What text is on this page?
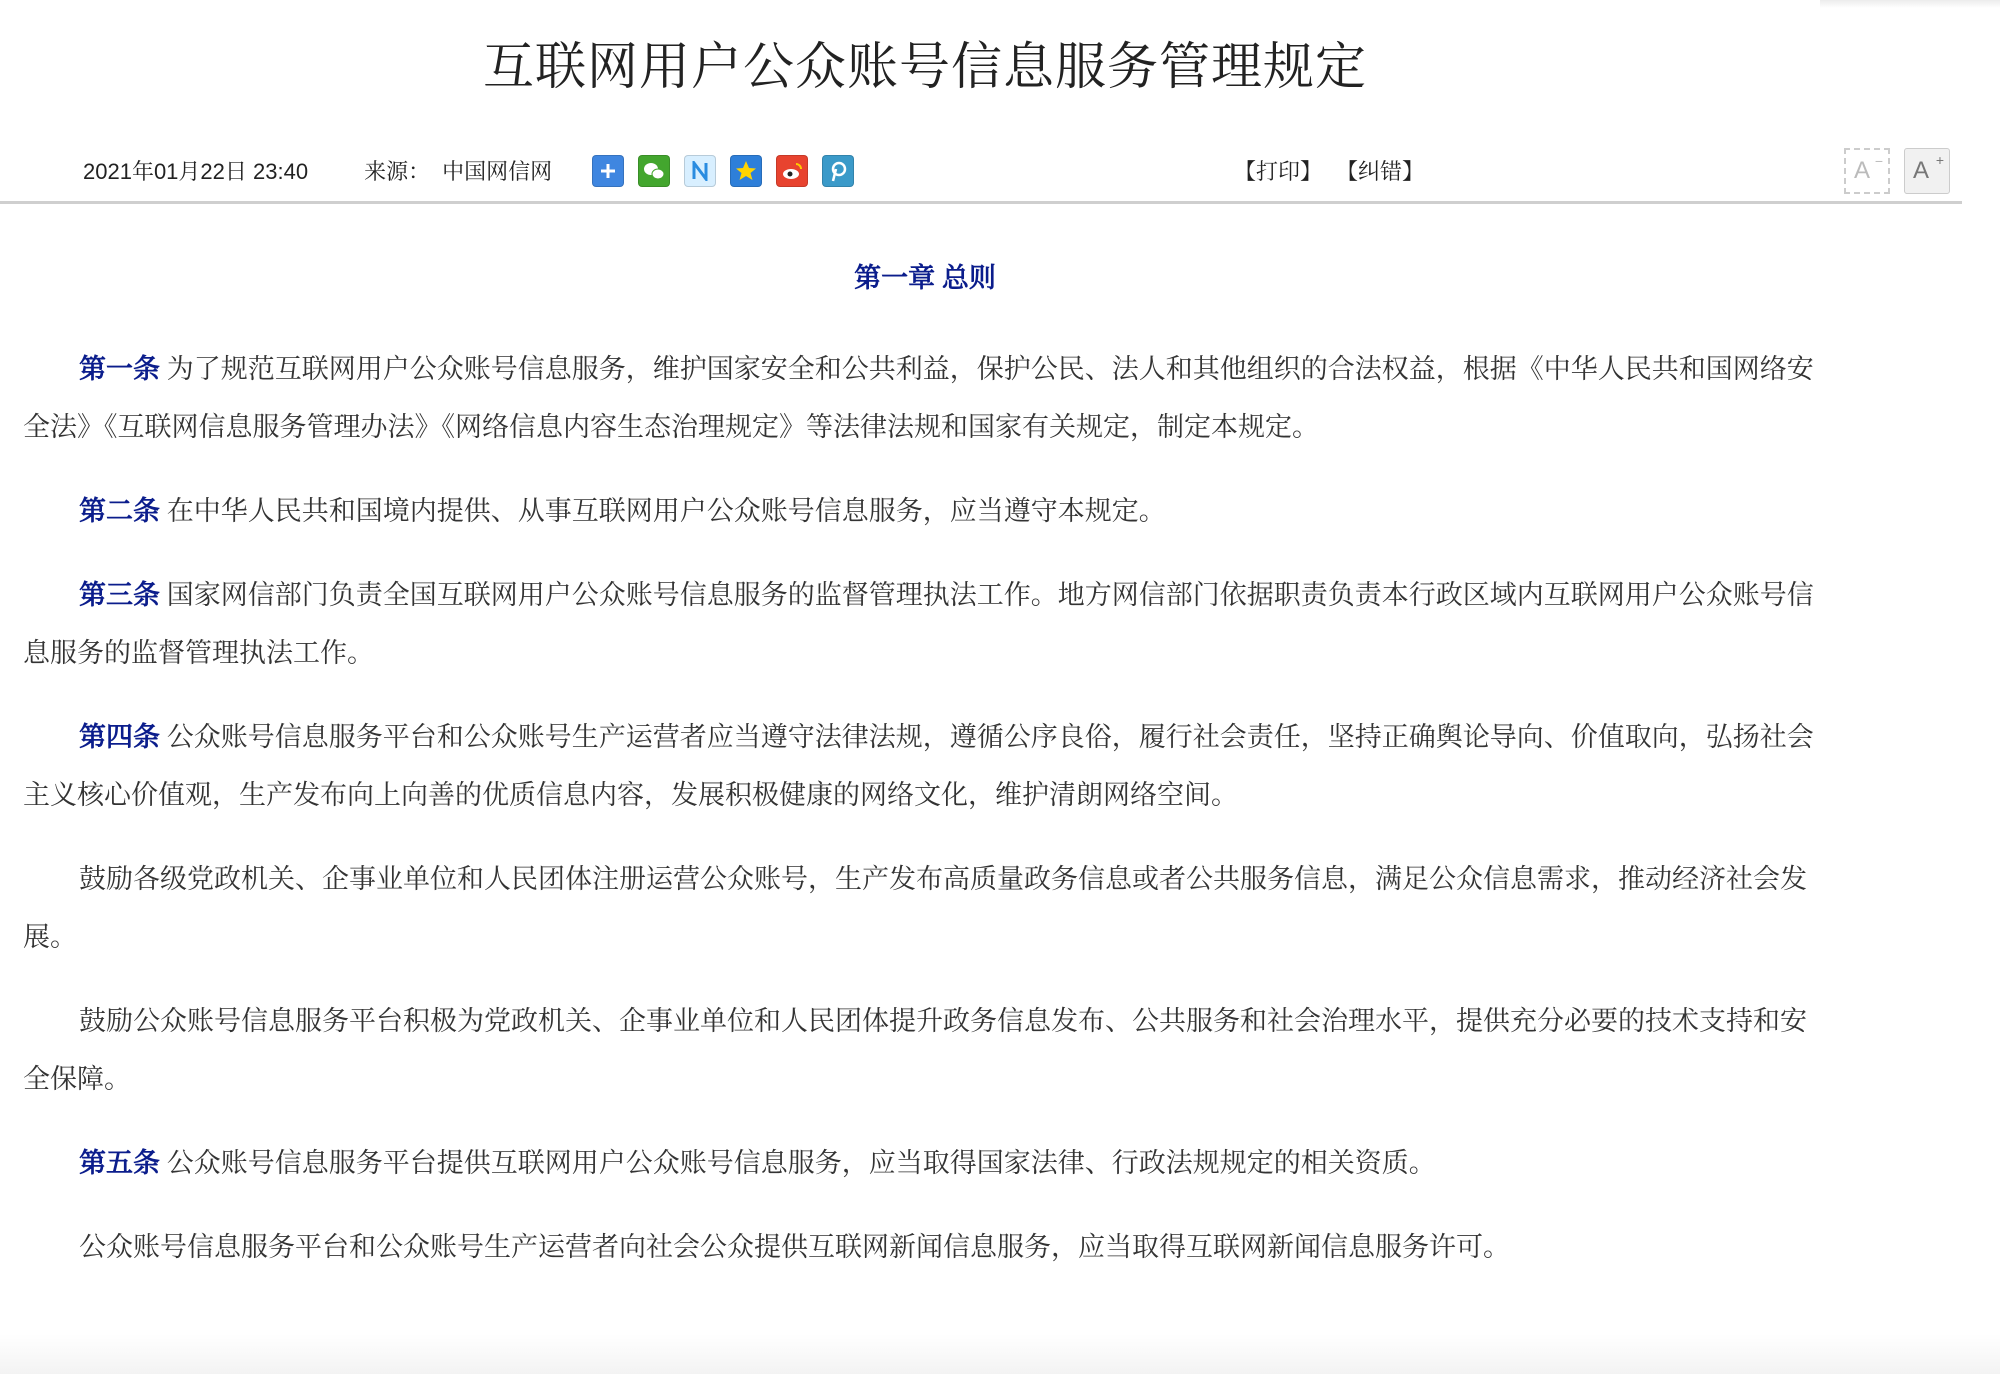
互联网用户公众账号信息服务管理规定
2021年01月22日 23:40	来源： 中国网信网	【打印】 【纠错】	A
− A
+
第一章 总则

第一条 为了规范互联网用户公众账号信息服务，维护国家安全和公共利益，保护公民、法人和其他组织的合法权益，根据《中华人民共和国网络安全法》《互联网信息服务管理办法》《网络信息内容生态治理规定》等法律法规和国家有关规定，制定本规定。

第二条 在中华人民共和国境内提供、从事互联网用户公众账号信息服务，应当遵守本规定。

第三条 国家网信部门负责全国互联网用户公众账号信息服务的监督管理执法工作。地方网信部门依据职责负责本行政区域内互联网用户公众账号信息服务的监督管理执法工作。

第四条 公众账号信息服务平台和公众账号生产运营者应当遵守法律法规，遵循公序良俗，履行社会责任，坚持正确舆论导向、价值取向，弘扬社会主义核心价值观，生产发布向上向善的优质信息内容，发展积极健康的网络文化，维护清朗网络空间。

鼓励各级党政机关、企事业单位和人民团体注册运营公众账号，生产发布高质量政务信息或者公共服务信息，满足公众信息需求，推动经济社会发展。

鼓励公众账号信息服务平台积极为党政机关、企事业单位和人民团体提升政务信息发布、公共服务和社会治理水平，提供充分必要的技术支持和安全保障。

第五条 公众账号信息服务平台提供互联网用户公众账号信息服务，应当取得国家法律、行政法规规定的相关资质。

公众账号信息服务平台和公众账号生产运营者向社会公众提供互联网新闻信息服务，应当取得互联网新闻信息服务许可。
